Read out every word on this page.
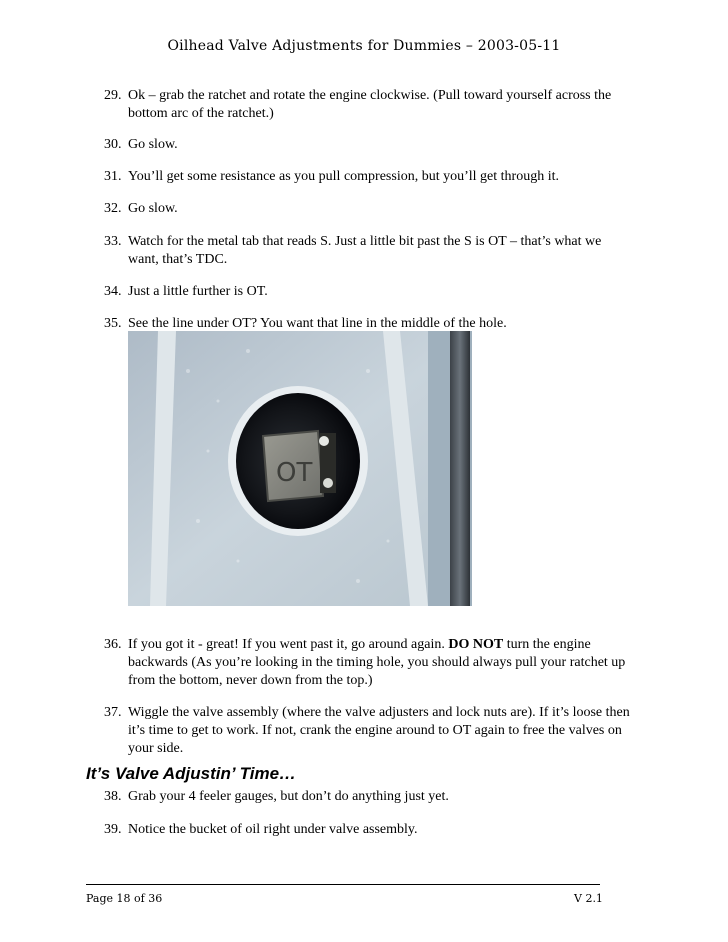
Oilhead Valve Adjustments for Dummies – 2003-05-11
29. Ok – grab the ratchet and rotate the engine clockwise. (Pull toward yourself across the bottom arc of the ratchet.)
30. Go slow.
31. You’ll get some resistance as you pull compression, but you’ll get through it.
32. Go slow.
33. Watch for the metal tab that reads S. Just a little bit past the S is OT – that’s what we want, that’s TDC.
34. Just a little further is OT.
35. See the line under OT? You want that line in the middle of the hole.
OT
36. If you got it - great! If you went past it, go around again. DO NOT turn the engine backwards (As you’re looking in the timing hole, you should always pull your ratchet up from the bottom, never down from the top.)
37. Wiggle the valve assembly (where the valve adjusters and lock nuts are). If it’s loose then it’s time to get to work. If not, crank the engine around to OT again to free the valves on your side.
It’s Valve Adjustin’ Time…
38. Grab your 4 feeler gauges, but don’t do anything just yet.
39. Notice the bucket of oil right under valve assembly.
Page 18 of 36	V 2.1
